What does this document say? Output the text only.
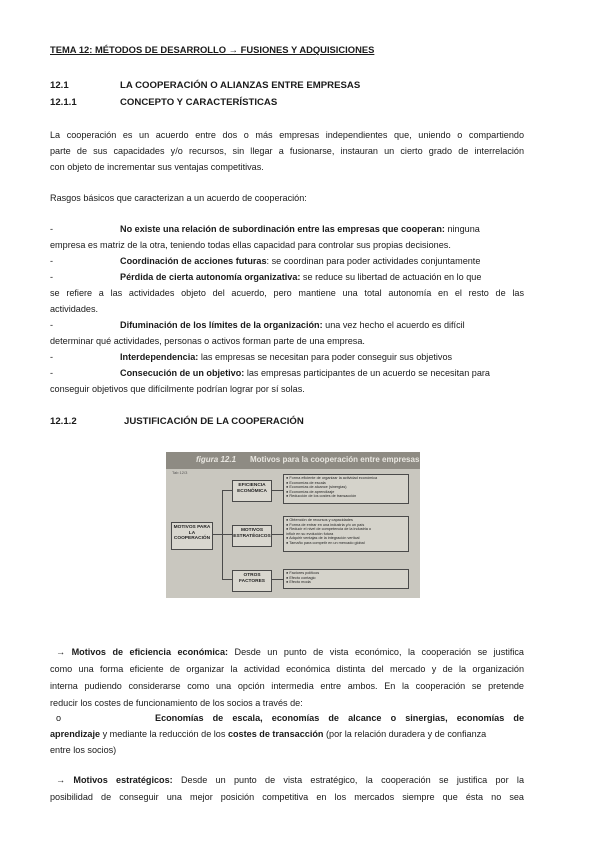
TEMA 12: MÉTODOS DE DESARROLLO → FUSIONES Y ADQUISICIONES
12.1	LA COOPERACIÓN O ALIANZAS ENTRE EMPRESAS
12.1.1	CONCEPTO Y CARACTERÍSTICAS
La cooperación es un acuerdo entre dos o más empresas independientes que, uniendo o compartiendo
parte de sus capacidades y/o recursos, sin llegar a fusionarse, instauran un cierto grado de interrelación
con objeto de incrementar sus ventajas competitivas.
Rasgos básicos que caracterizan a un acuerdo de cooperación:
-	No existe una relación de subordinación entre las empresas que cooperan: ninguna
empresa es matriz de la otra, teniendo todas ellas capacidad para controlar sus propias decisiones.
-	Coordinación de acciones futuras: se coordinan para poder actividades conjuntamente
-	Pérdida de cierta autonomía organizativa: se reduce su libertad de actuación en lo que
se refiere a las actividades objeto del acuerdo, pero mantiene una total autonomía en el resto de las
actividades.
-	Difuminación de los límites de la organización: una vez hecho el acuerdo es difícil
determinar qué actividades, personas o activos forman parte de una empresa.
-	Interdependencia: las empresas se necesitan para poder conseguir sus objetivos
-	Consecución de un objetivo: las empresas participantes de un acuerdo se necesitan para
conseguir objetivos que difícilmente podrían lograr por sí solas.
12.1.2	JUSTIFICACIÓN DE LA COOPERACIÓN
figura 12.1 Motivos para la cooperación entre empresas
Tab 12/3
MOTIVOS PARA LA COOPERACIÓN
EFICIENCIA ECONÓMICA
MOTIVOS ESTRATÉGICOS
OTROS FACTORES
● Forma eficiente de organizar la actividad económica
● Economías de escala
● Economías de alcance (sinergias)
● Economías de aprendizaje
● Reducción de los costes de transacción
● Obtención de recursos y capacidades
● Forma de entrar en una industria y/o un país
● Reducir el nivel de competencia de la industria o
influir en su evolución futura
● Adquirir ventajas de la integración vertical
● Tamaño para competir en un mercado global
● Factores políticos
● Efecto contagio
● Efecto moda
→ Motivos de eficiencia económica: Desde un punto de vista económico, la cooperación se justifica
como una forma eficiente de organizar la actividad económica distinta del mercado y de la organización
interna pudiendo considerarse como una opción intermedia entre ambos. En la cooperación se pretende
reducir los costes de funcionamiento de los socios a través de:
o	Economías de escala, economías de alcance o sinergias, economías de
aprendizaje y mediante la reducción de los costes de transacción (por la relación duradera y de confianza
entre los socios)
→ Motivos estratégicos: Desde un punto de vista estratégico, la cooperación se justifica por la
posibilidad de conseguir una mejor posición competitiva en los mercados siempre que ésta no sea
